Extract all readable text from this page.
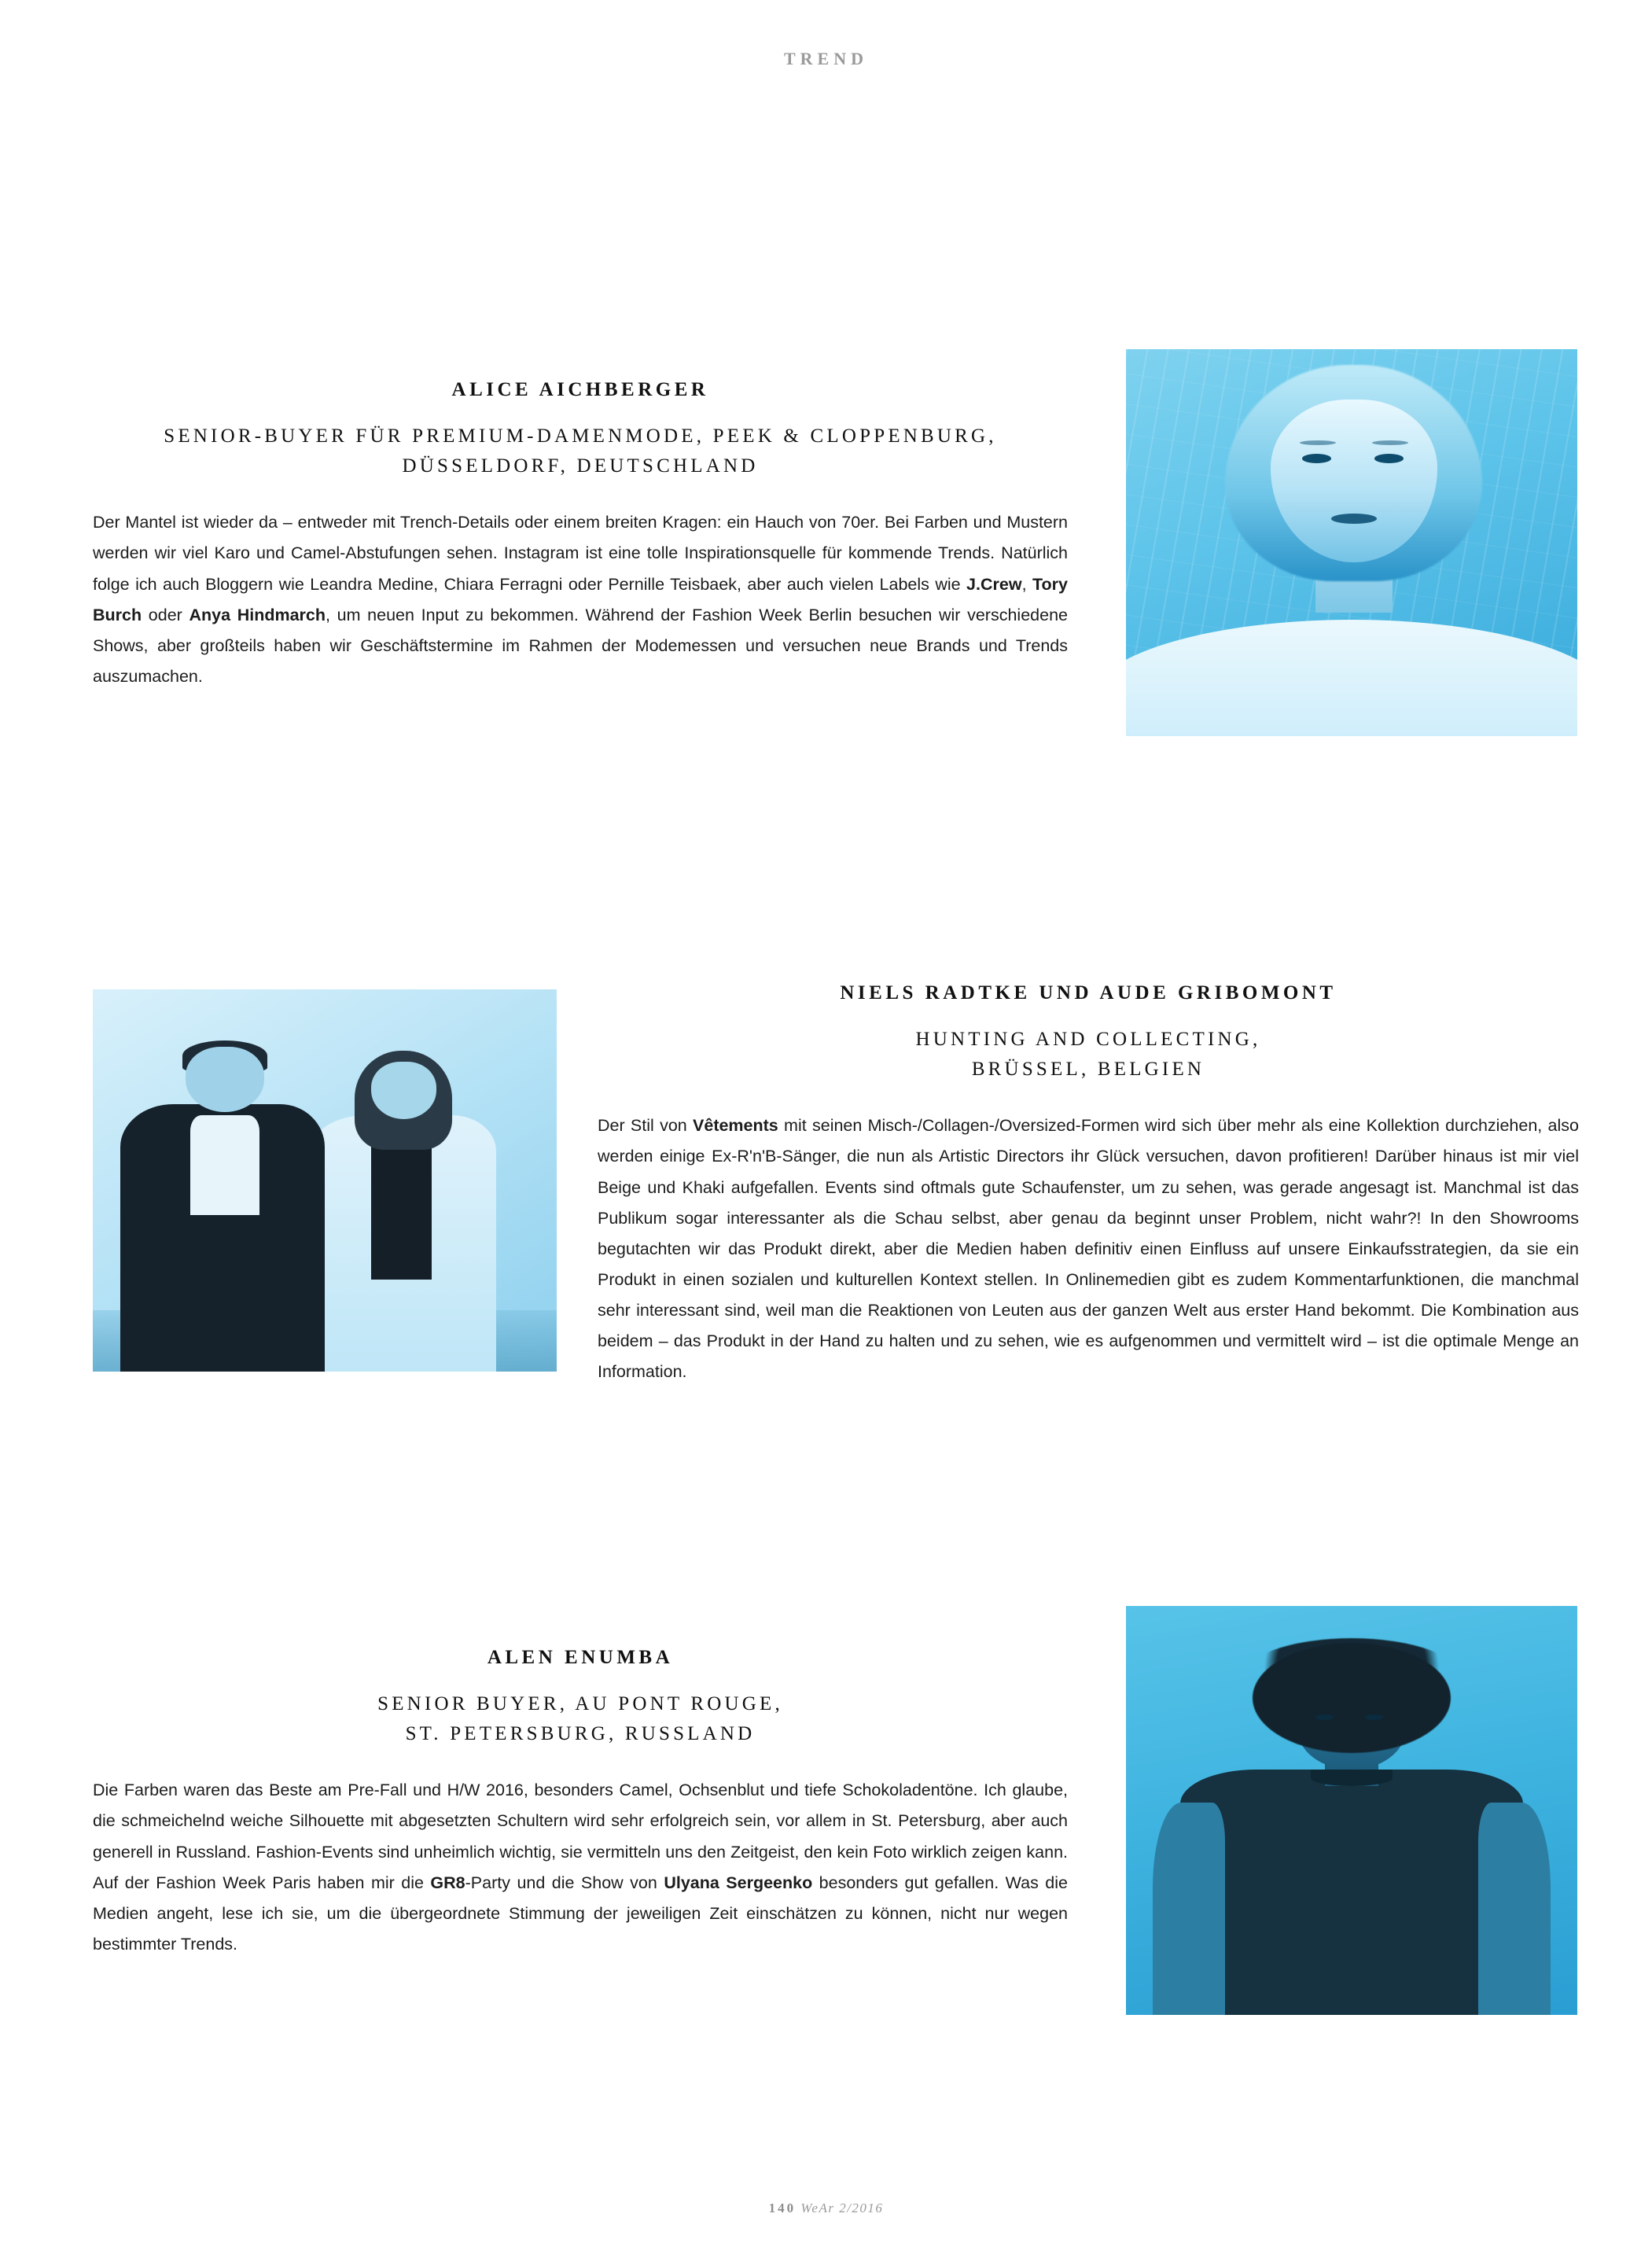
TREND
ALICE AICHBERGER
SENIOR-BUYER FÜR PREMIUM-DAMENMODE, PEEK & CLOPPENBURG,
DÜSSELDORF, DEUTSCHLAND
Der Mantel ist wieder da – entweder mit Trench-Details oder einem breiten Kragen: ein Hauch von 70er. Bei Farben und Mustern werden wir viel Karo und Camel-Abstufungen sehen. Instagram ist eine tolle Inspirationsquelle für kommende Trends. Natürlich folge ich auch Bloggern wie Leandra Medine, Chiara Ferragni oder Pernille Teisbaek, aber auch vielen Labels wie J.Crew, Tory Burch oder Anya Hindmarch, um neuen Input zu bekommen. Während der Fashion Week Berlin besuchen wir verschiedene Shows, aber großteils haben wir Geschäftstermine im Rahmen der Modemessen und versuchen neue Brands und Trends auszumachen.
NIELS RADTKE UND AUDE GRIBOMONT
HUNTING AND COLLECTING,
BRÜSSEL, BELGIEN
Der Stil von Vêtements mit seinen Misch-/Collagen-/Oversized-Formen wird sich über mehr als eine Kollektion durchziehen, also werden einige Ex-R'n'B-Sänger, die nun als Artistic Directors ihr Glück versuchen, davon profitieren! Darüber hinaus ist mir viel Beige und Khaki aufgefallen. Events sind oftmals gute Schaufenster, um zu sehen, was gerade angesagt ist. Manchmal ist das Publikum sogar interessanter als die Schau selbst, aber genau da beginnt unser Problem, nicht wahr?! In den Showrooms begutachten wir das Produkt direkt, aber die Medien haben definitiv einen Einfluss auf unsere Einkaufsstrategien, da sie ein Produkt in einen sozialen und kulturellen Kontext stellen. In Onlinemedien gibt es zudem Kommentarfunktionen, die manchmal sehr interessant sind, weil man die Reaktionen von Leuten aus der ganzen Welt aus erster Hand bekommt. Die Kombination aus beidem – das Produkt in der Hand zu halten und zu sehen, wie es aufgenommen und vermittelt wird – ist die optimale Menge an Information.
ALEN ENUMBA
SENIOR BUYER, AU PONT ROUGE,
ST. PETERSBURG, RUSSLAND
Die Farben waren das Beste am Pre-Fall und H/W 2016, besonders Camel, Ochsenblut und tiefe Schokoladentöne. Ich glaube, die schmeichelnd weiche Silhouette mit abgesetzten Schultern wird sehr erfolgreich sein, vor allem in St. Petersburg, aber auch generell in Russland. Fashion-Events sind unheimlich wichtig, sie vermitteln uns den Zeitgeist, den kein Foto wirklich zeigen kann. Auf der Fashion Week Paris haben mir die GR8-Party und die Show von Ulyana Sergeenko besonders gut gefallen. Was die Medien angeht, lese ich sie, um die übergeordnete Stimmung der jeweiligen Zeit einschätzen zu können, nicht nur wegen bestimmter Trends.
140 WeAr 2/2016
